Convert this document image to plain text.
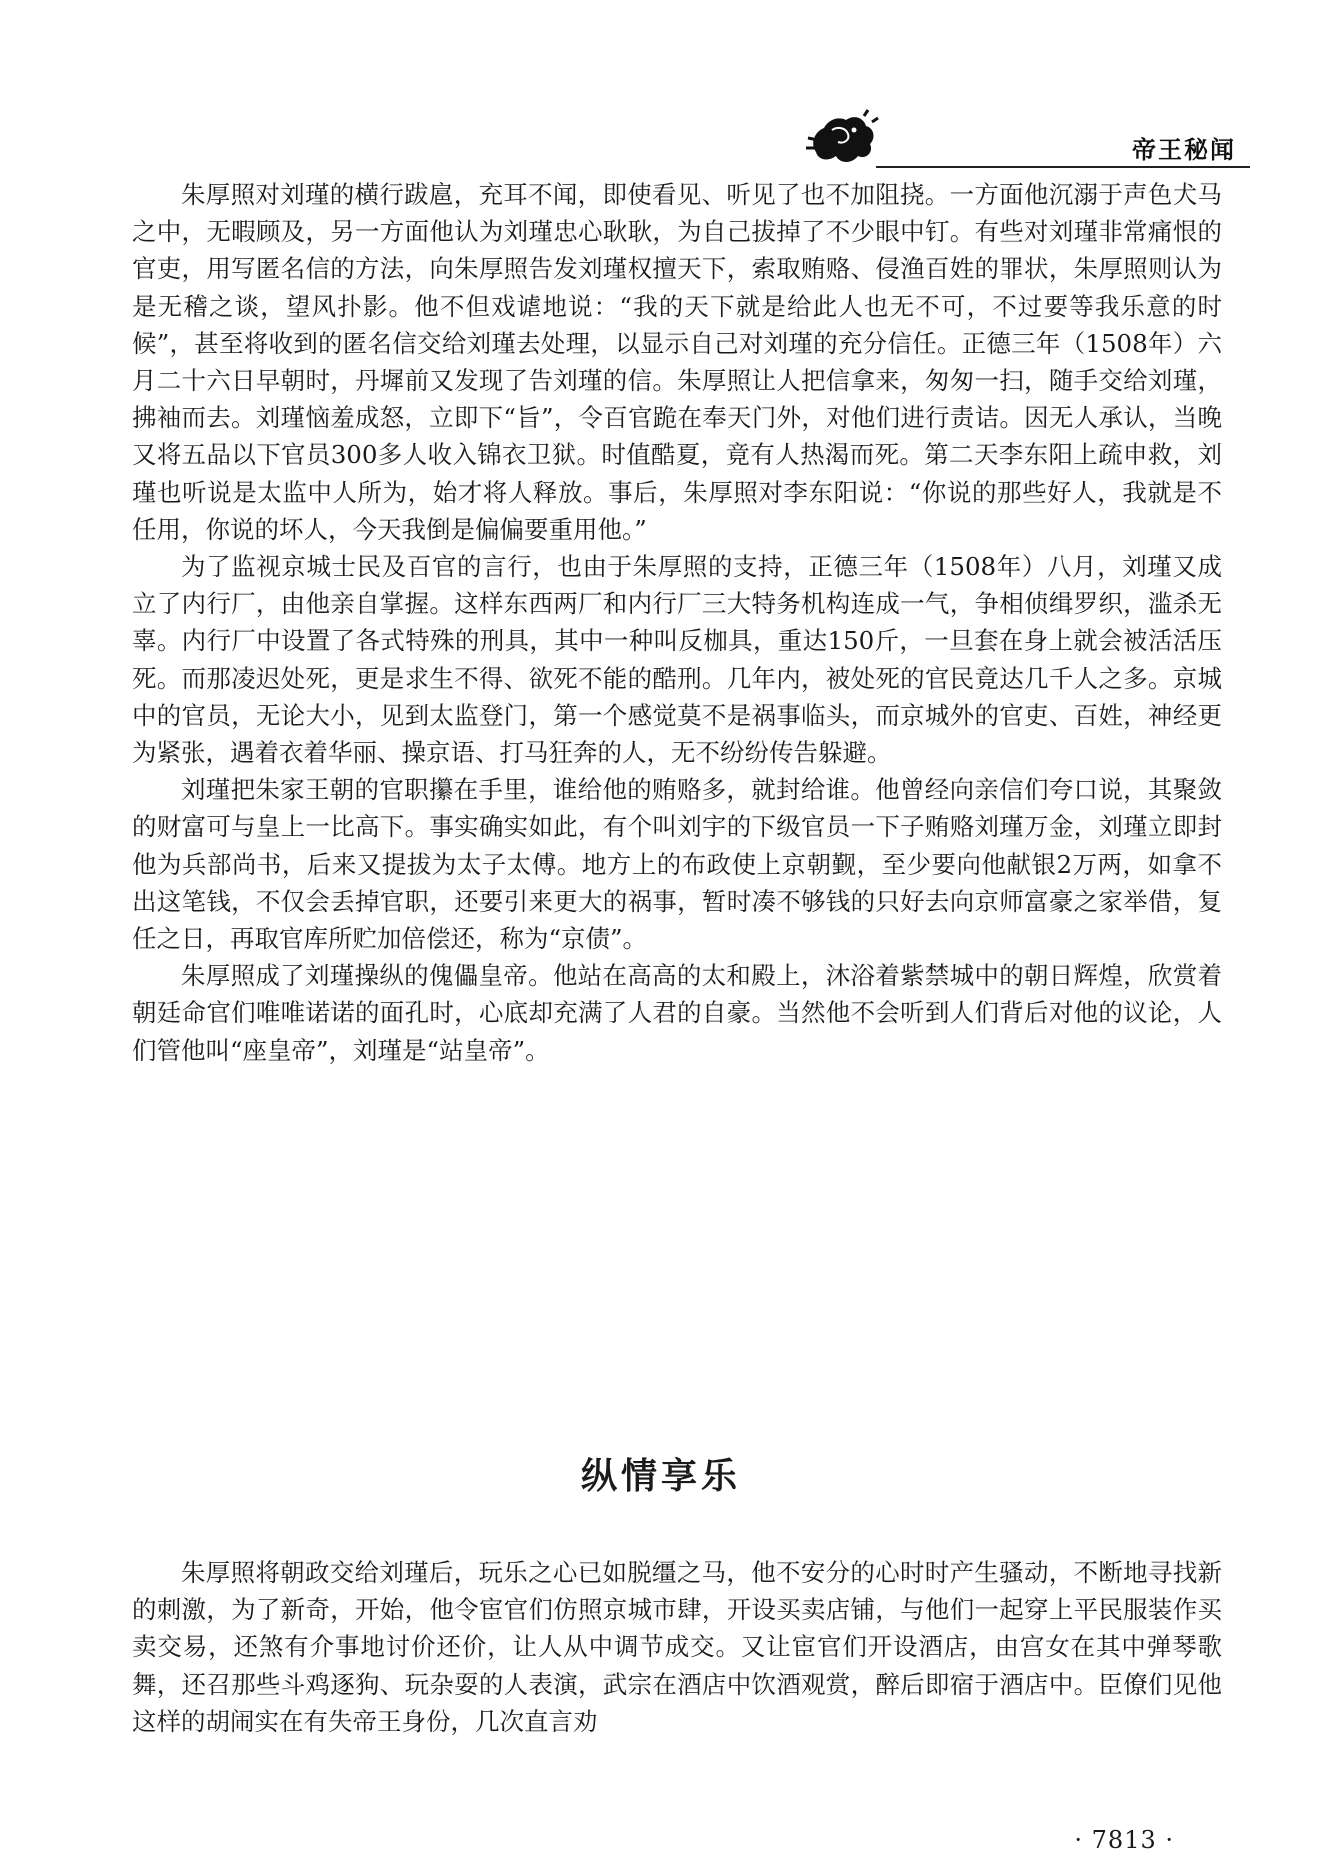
帝王秘闻

朱厚照对刘瑾的横行跋扈，充耳不闻，即使看见、听见了也不加阻挠。一方面他沉溺于声色犬马之中，无暇顾及，另一方面他认为刘瑾忠心耿耿，为自己拔掉了不少眼中钉。有些对刘瑾非常痛恨的官吏，用写匿名信的方法，向朱厚照告发刘瑾权擅天下，索取贿赂、侵渔百姓的罪状，朱厚照则认为是无稽之谈，望风扑影。他不但戏谑地说：“我的天下就是给此人也无不可，不过要等我乐意的时候”，甚至将收到的匿名信交给刘瑾去处理，以显示自己对刘瑾的充分信任。正德三年（1508年）六月二十六日早朝时，丹墀前又发现了告刘瑾的信。朱厚照让人把信拿来，匆匆一扫，随手交给刘瑾，拂袖而去。刘瑾恼羞成怒，立即下“旨”，令百官跪在奉天门外，对他们进行责诘。因无人承认，当晚又将五品以下官员300多人收入锦衣卫狱。时值酷夏，竟有人热渴而死。第二天李东阳上疏申救，刘瑾也听说是太监中人所为，始才将人释放。事后，朱厚照对李东阳说：“你说的那些好人，我就是不任用，你说的坏人，今天我倒是偏偏要重用他。”

为了监视京城士民及百官的言行，也由于朱厚照的支持，正德三年（1508年）八月，刘瑾又成立了内行厂，由他亲自掌握。这样东西两厂和内行厂三大特务机构连成一气，争相侦缉罗织，滥杀无辜。内行厂中设置了各式特殊的刑具，其中一种叫反枷具，重达150斤，一旦套在身上就会被活活压死。而那凌迟处死，更是求生不得、欲死不能的酷刑。几年内，被处死的官民竟达几千人之多。京城中的官员，无论大小，见到太监登门，第一个感觉莫不是祸事临头，而京城外的官吏、百姓，神经更为紧张，遇着衣着华丽、操京语、打马狂奔的人，无不纷纷传告躲避。

刘瑾把朱家王朝的官职攥在手里，谁给他的贿赂多，就封给谁。他曾经向亲信们夸口说，其聚敛的财富可与皇上一比高下。事实确实如此，有个叫刘宇的下级官员一下子贿赂刘瑾万金，刘瑾立即封他为兵部尚书，后来又提拔为太子太傅。地方上的布政使上京朝觐，至少要向他献银2万两，如拿不出这笔钱，不仅会丢掉官职，还要引来更大的祸事，暂时凑不够钱的只好去向京师富豪之家举借，复任之日，再取官库所贮加倍偿还，称为“京债”。

朱厚照成了刘瑾操纵的傀儡皇帝。他站在高高的太和殿上，沐浴着紫禁城中的朝日辉煌，欣赏着朝廷命官们唯唯诺诺的面孔时，心底却充满了人君的自豪。当然他不会听到人们背后对他的议论，人们管他叫“座皇帝”，刘瑾是“站皇帝”。

纵情享乐

朱厚照将朝政交给刘瑾后，玩乐之心已如脱缰之马，他不安分的心时时产生骚动，不断地寻找新的刺激，为了新奇，开始，他令宦官们仿照京城市肆，开设买卖店铺，与他们一起穿上平民服装作买卖交易，还煞有介事地讨价还价，让人从中调节成交。又让宦官们开设酒店，由宫女在其中弹琴歌舞，还召那些斗鸡逐狗、玩杂耍的人表演，武宗在酒店中饮酒观赏，醉后即宿于酒店中。臣僚们见他这样的胡闹实在有失帝王身份，几次直言劝

· 7813 ·
